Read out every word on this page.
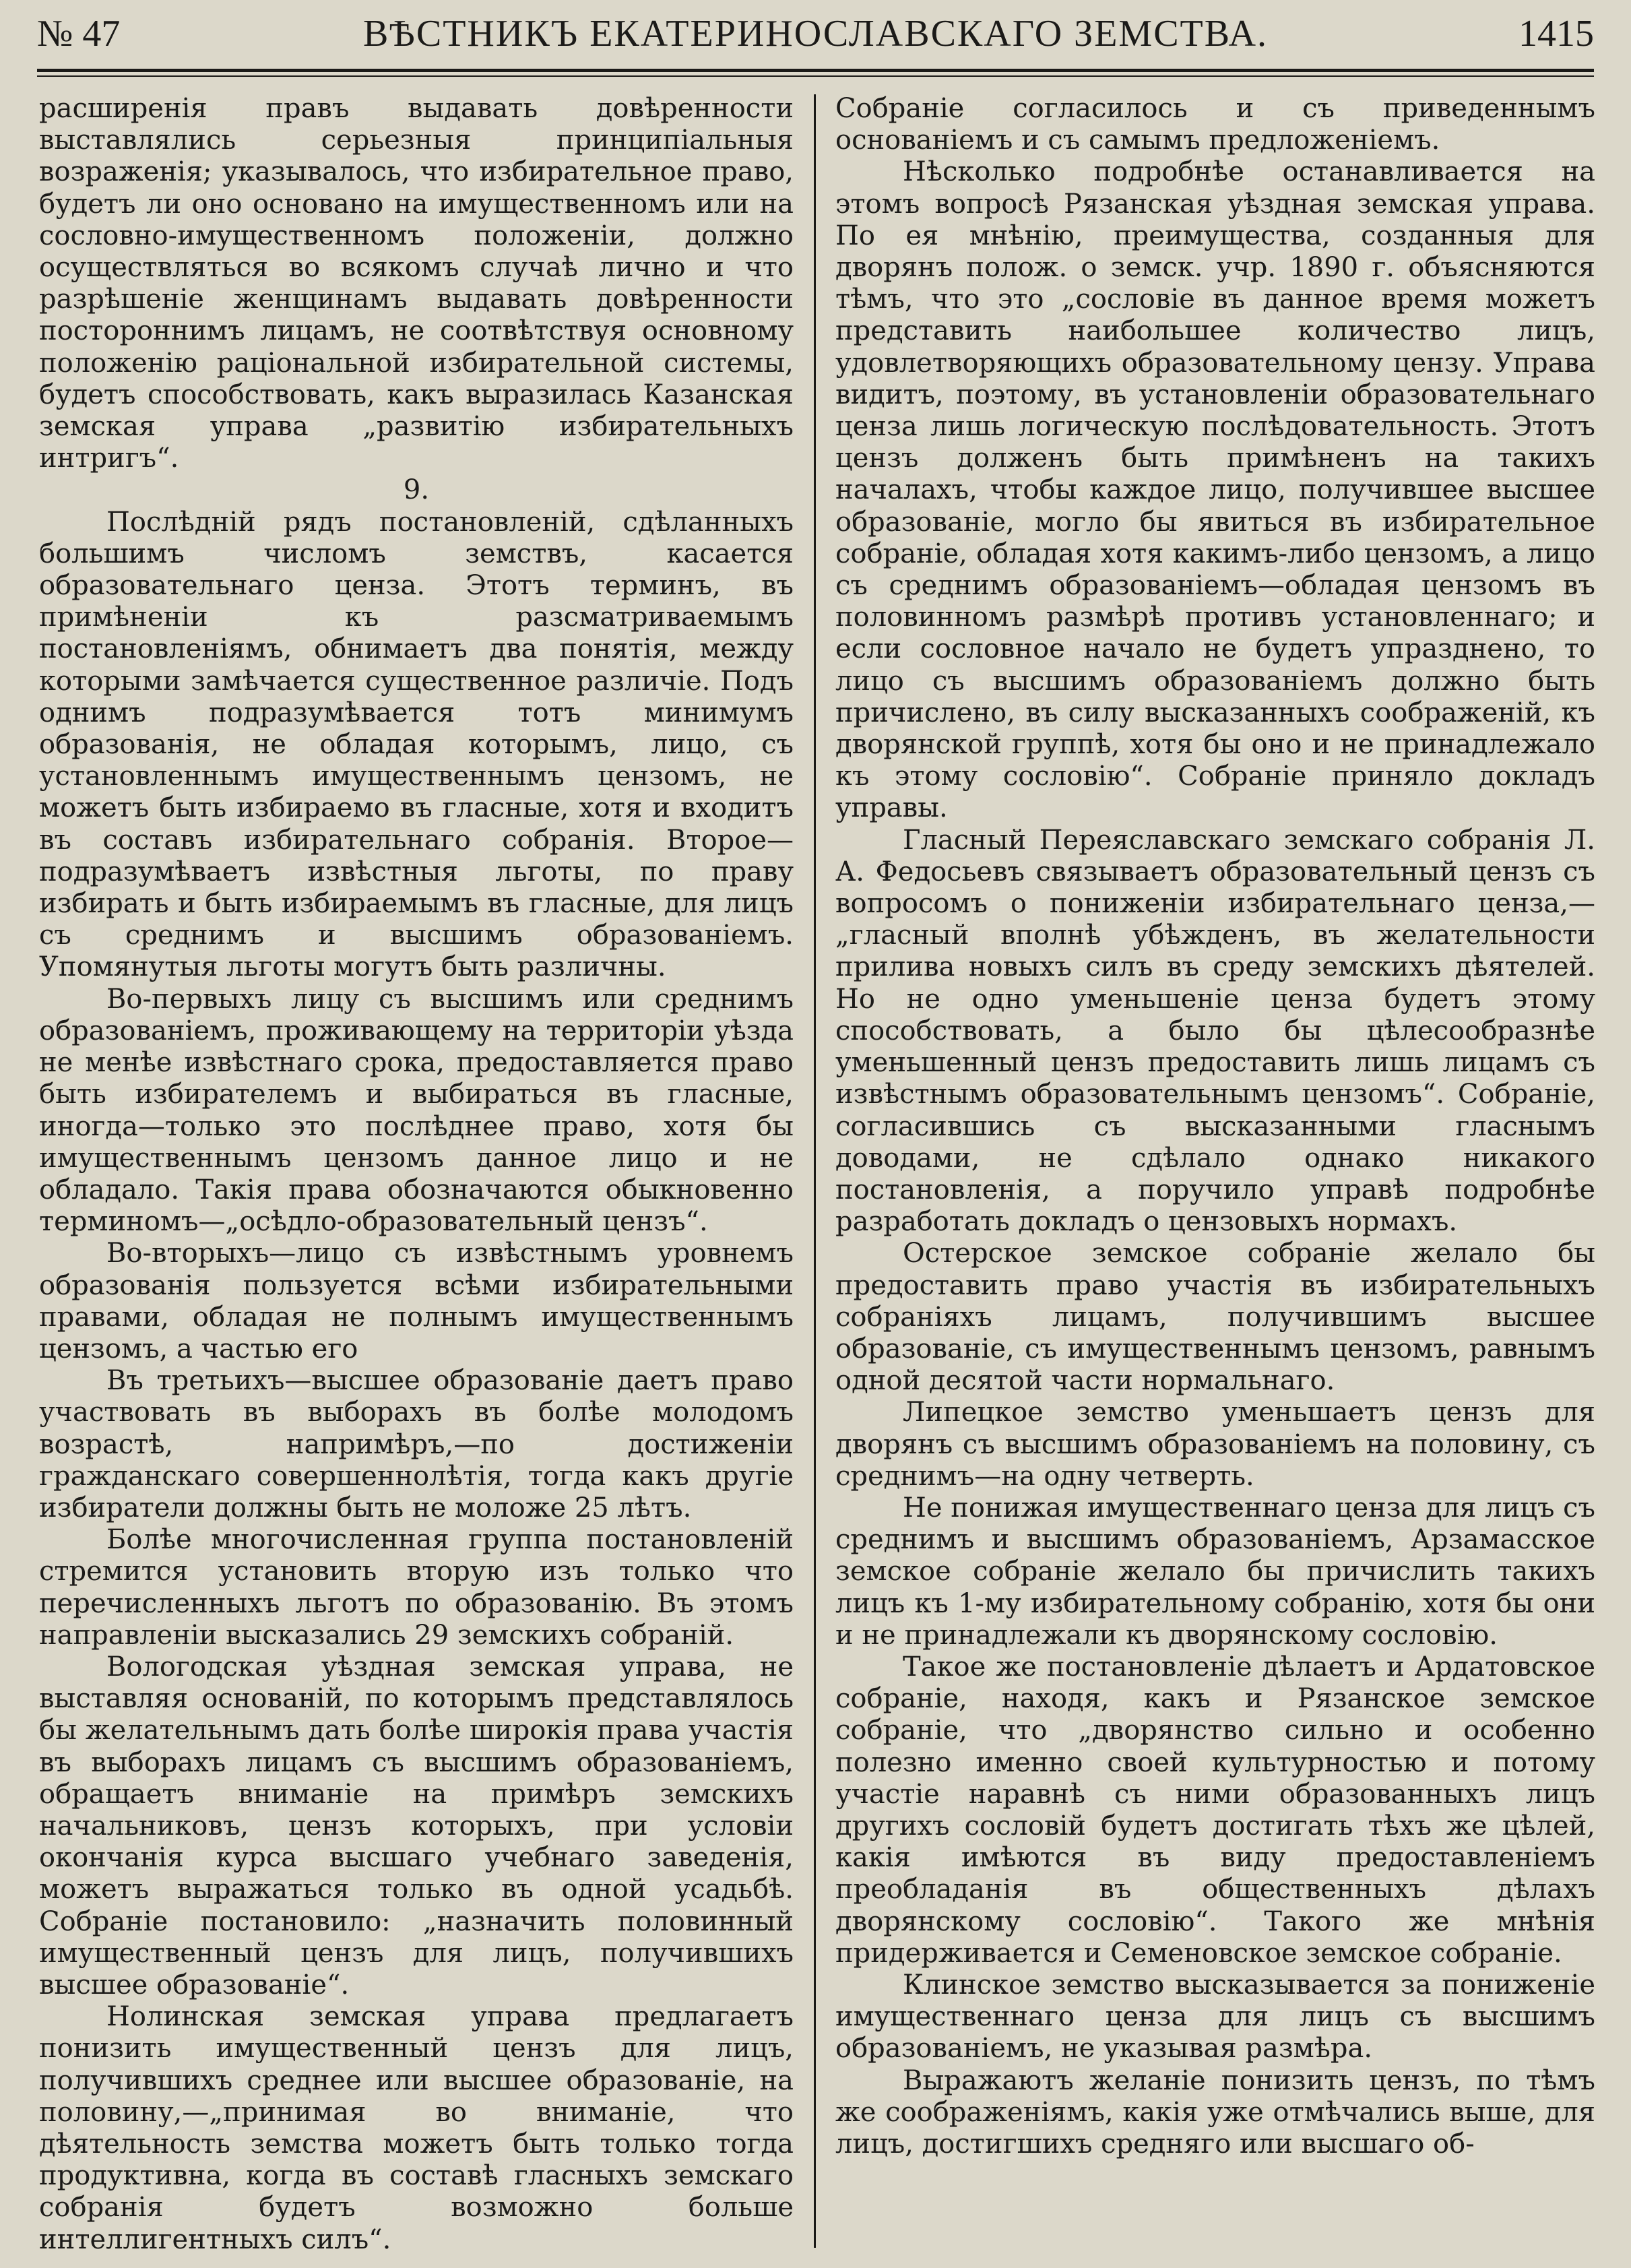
№ 47	ВѢСТНИКЪ ЕКАТЕРИНОСЛАВСКАГО ЗЕМСТВА.	1415

расширенія правъ выдавать довѣренности выставлялись серьезныя принципіальныя возраженія; указывалось, что избирательное право, будетъ ли оно основано на имущественномъ или на сословно-имущественномъ положеніи, должно осуществляться во всякомъ случаѣ лично и что разрѣшеніе женщинамъ выдавать довѣренности постороннимъ лицамъ, не соотвѣтствуя основному положенію раціональной избирательной системы, будетъ способствовать, какъ выразилась Казанская земская управа „развитію избирательныхъ интригъ“.

9.

Послѣдній рядъ постановленій, сдѣланныхъ большимъ числомъ земствъ, касается образовательнаго ценза. Этотъ терминъ, въ примѣненіи къ разсматриваемымъ постановленіямъ, обнимаетъ два понятія, между которыми замѣчается существенное различіе. Подъ однимъ подразумѣвается тотъ минимумъ образованія, не обладая которымъ, лицо, съ установленнымъ имущественнымъ цензомъ, не можетъ быть избираемо въ гласные, хотя и входитъ въ составъ избирательнаго собранія. Второе—подразумѣваетъ извѣстныя льготы, по праву избирать и быть избираемымъ въ гласные, для лицъ съ среднимъ и высшимъ образованіемъ. Упомянутыя льготы могутъ быть различны.

Во-первыхъ лицу съ высшимъ или среднимъ образованіемъ, проживающему на территоріи уѣзда не менѣе извѣстнаго срока, предоставляется право быть избирателемъ и выбираться въ гласные, иногда—только это послѣднее право, хотя бы имущественнымъ цензомъ данное лицо и не обладало. Такія права обозначаются обыкновенно терминомъ—„осѣдло-образовательный цензъ“.

Во-вторыхъ—лицо съ извѣстнымъ уровнемъ образованія пользуется всѣми избирательными правами, обладая не полнымъ имущественнымъ цензомъ, а частью его

Въ третьихъ—высшее образованіе даетъ право участвовать въ выборахъ въ болѣе молодомъ возрастѣ, напримѣръ,—по достиженіи гражданскаго совершеннолѣтія, тогда какъ другіе избиратели должны быть не моложе 25 лѣтъ.

Болѣе многочисленная группа постановленій стремится установить вторую изъ только что перечисленныхъ льготъ по образованію. Въ этомъ направленіи высказались 29 земскихъ собраній.

Вологодская уѣздная земская управа, не выставляя основаній, по которымъ представлялось бы желательнымъ дать болѣе широкія права участія въ выборахъ лицамъ съ высшимъ образованіемъ, обращаетъ вниманіе на примѣръ земскихъ начальниковъ, цензъ которыхъ, при условіи окончанія курса высшаго учебнаго заведенія, можетъ выражаться только въ одной усадьбѣ. Собраніе постановило: „назначить половинный имущественный цензъ для лицъ, получившихъ высшее образованіе“.

Нолинская земская управа предлагаетъ понизить имущественный цензъ для лицъ, получившихъ среднее или высшее образованіе, на половину,—„принимая во вниманіе, что дѣятельность земства можетъ быть только тогда продуктивна, когда въ составѣ гласныхъ земскаго собранія будетъ возможно больше интеллигентныхъ силъ“.

Собраніе согласилось и съ приведеннымъ основаніемъ и съ самымъ предложеніемъ.

Нѣсколько подробнѣе останавливается на этомъ вопросѣ Рязанская уѣздная земская управа. По ея мнѣнію, преимущества, созданныя для дворянъ полож. о земск. учр. 1890 г. объясняются тѣмъ, что это „сословіе въ данное время можетъ представить наибольшее количество лицъ, удовлетворяющихъ образовательному цензу. Управа видитъ, поэтому, въ установленіи образовательнаго ценза лишь логическую послѣдовательность. Этотъ цензъ долженъ быть примѣненъ на такихъ началахъ, чтобы каждое лицо, получившее высшее образованіе, могло бы явиться въ избирательное собраніе, обладая хотя какимъ-либо цензомъ, а лицо съ среднимъ образованіемъ—обладая цензомъ въ половинномъ размѣрѣ противъ установленнаго; и если сословное начало не будетъ упразднено, то лицо съ высшимъ образованіемъ должно быть причислено, въ силу высказанныхъ соображеній, къ дворянской группѣ, хотя бы оно и не принадлежало къ этому сословію“. Собраніе приняло докладъ управы.

Гласный Переяславскаго земскаго собранія Л. А. Федосьевъ связываетъ образовательный цензъ съ вопросомъ о пониженіи избирательнаго ценза,—„гласный вполнѣ убѣжденъ, въ желательности прилива новыхъ силъ въ среду земскихъ дѣятелей. Но не одно уменьшеніе ценза будетъ этому способствовать, а было бы цѣлесообразнѣе уменьшенный цензъ предоставить лишь лицамъ съ извѣстнымъ образовательнымъ цензомъ“. Собраніе, согласившись съ высказанными гласнымъ доводами, не сдѣлало однако никакого постановленія, а поручило управѣ подробнѣе разработать докладъ о цензовыхъ нормахъ.

Остерское земское собраніе желало бы предоставить право участія въ избирательныхъ собраніяхъ лицамъ, получившимъ высшее образованіе, съ имущественнымъ цензомъ, равнымъ одной десятой части нормальнаго.

Липецкое земство уменьшаетъ цензъ для дворянъ съ высшимъ образованіемъ на половину, съ среднимъ—на одну четверть.

Не понижая имущественнаго ценза для лицъ съ среднимъ и высшимъ образованіемъ, Арзамасское земское собраніе желало бы причислить такихъ лицъ къ 1-му избирательному собранію, хотя бы они и не принадлежали къ дворянскому сословію.

Такое же постановленіе дѣлаетъ и Ардатовское собраніе, находя, какъ и Рязанское земское собраніе, что „дворянство сильно и особенно полезно именно своей культурностью и потому участіе наравнѣ съ ними образованныхъ лицъ другихъ сословій будетъ достигать тѣхъ же цѣлей, какія имѣются въ виду предоставленіемъ преобладанія въ общественныхъ дѣлахъ дворянскому сословію“. Такого же мнѣнія придерживается и Семеновское земское собраніе.

Клинское земство высказывается за пониженіе имущественнаго ценза для лицъ съ высшимъ образованіемъ, не указывая размѣра.

Выражаютъ желаніе понизить цензъ, по тѣмъ же соображеніямъ, какія уже отмѣчались выше, для лицъ, достигшихъ средняго или высшаго об-
